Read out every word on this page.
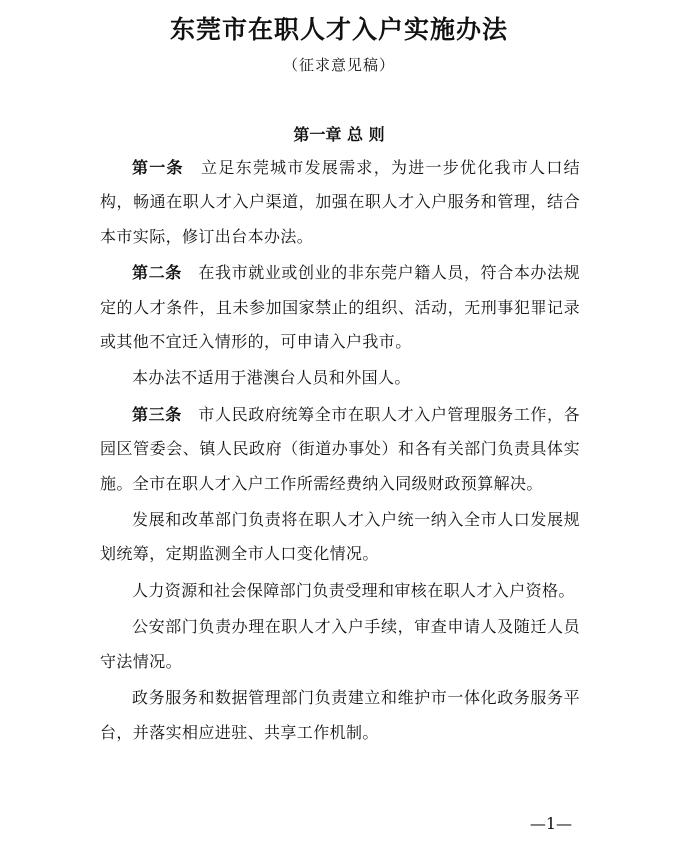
东莞市在职人才入户实施办法

（征求意见稿）

第一章 总 则

第一条　 立足东莞城市发展需求，为进一步优化我市人口结构，畅通在职人才入户渠道，加强在职人才入户服务和管理，结合本市实际，修订出台本办法。

第二条　 在我市就业或创业的非东莞户籍人员，符合本办法规定的人才条件，且未参加国家禁止的组织、活动，无刑事犯罪记录或其他不宜迁入情形的，可申请入户我市。

本办法不适用于港澳台人员和外国人。

第三条　 市人民政府统筹全市在职人才入户管理服务工作，各园区管委会、镇人民政府（街道办事处）和各有关部门负责具体实施。全市在职人才入户工作所需经费纳入同级财政预算解决。

发展和改革部门负责将在职人才入户统一纳入全市人口发展规划统筹，定期监测全市人口变化情况。

人力资源和社会保障部门负责受理和审核在职人才入户资格。

公安部门负责办理在职人才入户手续，审查申请人及随迁人员守法情况。

政务服务和数据管理部门负责建立和维护市一体化政务服务平台，并落实相应进驻、共享工作机制。

—1—
